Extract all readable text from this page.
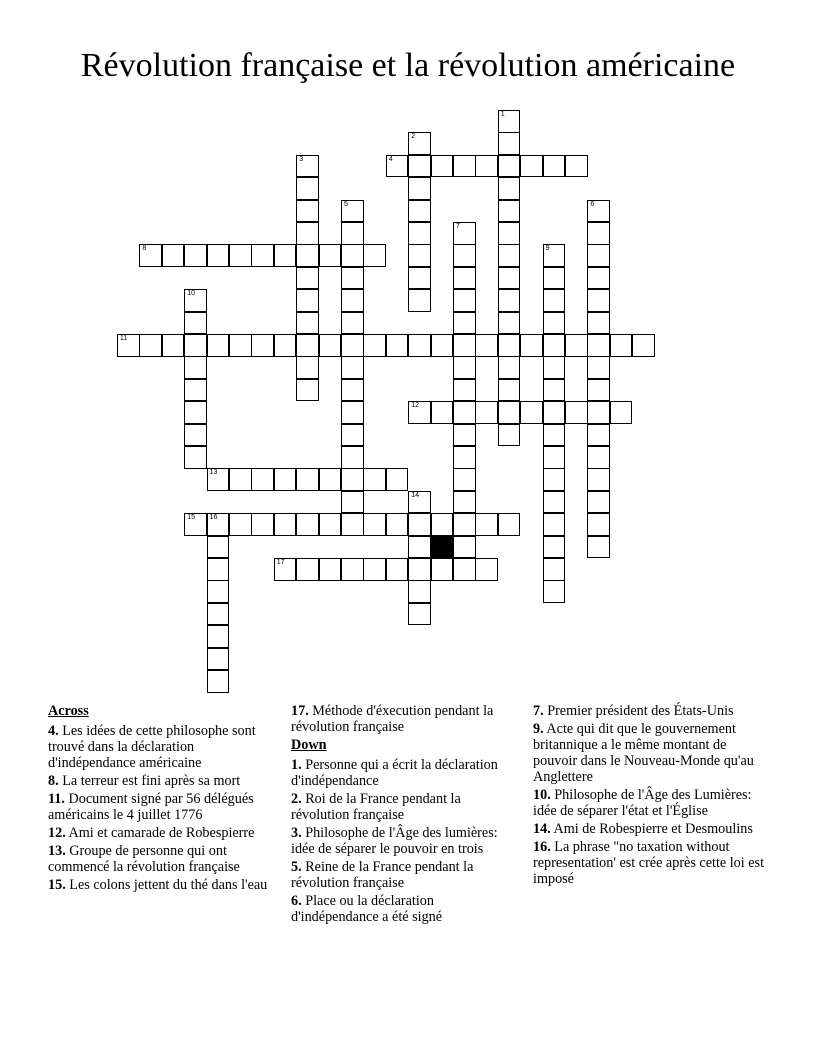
Révolution française et la révolution américaine
1
2
3	4
5	6
7
8	9
10
11
12
13
14
15 16
17
Across
4. Les idées de cette philosophe sont trouvé dans la déclaration d'indépendance américaine
8. La terreur est fini après sa mort
11. Document signé par 56 délégués américains le 4 juillet 1776
12. Ami et camarade de Robespierre
13. Groupe de personne qui ont commencé la révolution française
15. Les colons jettent du thé dans l'eau
17. Méthode d'éxecution pendant la révolution française
Down
1. Personne qui a écrit la déclaration d'indépendance
2. Roi de la France pendant la révolution française
3. Philosophe de l'Âge des lumières: idée de séparer le pouvoir en trois
5. Reine de la France pendant la révolution française
6. Place ou la déclaration d'indépendance a été signé
7. Premier président des États-Unis
9. Acte qui dit que le gouvernement britannique a le même montant de pouvoir dans le Nouveau-Monde qu'au Anglettere
10. Philosophe de l'Âge des Lumières: idée de séparer l'état et l'Église
14. Ami de Robespierre et Desmoulins
16. La phrase "no taxation without representation' est crée après cette loi est imposé
